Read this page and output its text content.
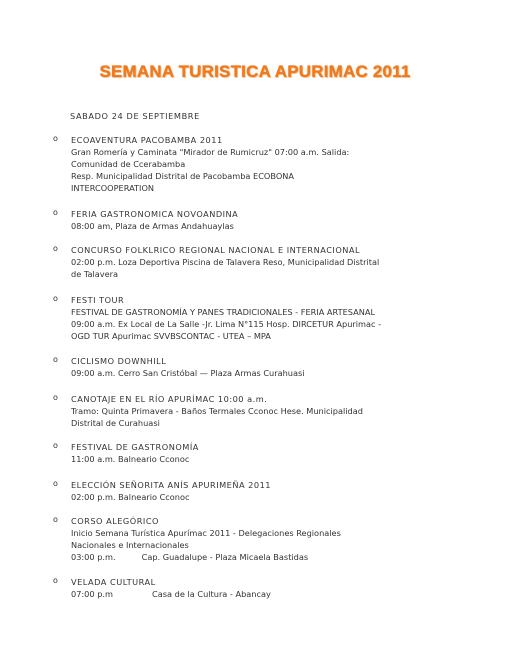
SEMANA TURISTICA APURIMAC 2011
SABADO 24 DE SEPTIEMBRE
o ECOAVENTURA PACOBAMBA 2011
Gran Romería y Caminata "Mirador de Rumicruz" 07:00 a.m. Salida:
Comunidad de Ccerabamba
Resp. Municipalidad Distrital de Pacobamba ECOBONA
INTERCOOPERATION
o FERIA GASTRONOMICA NOVOANDINA
08:00 am, Plaza de Armas Andahuaylas
o CONCURSO FOLKLRICO REGIONAL NACIONAL E INTERNACIONAL
02:00 p.m. Loza Deportiva Piscina de Talavera Reso, Municipalidad Distrital
de Talavera
o FESTI TOUR
FESTIVAL DE GASTRONOMÍA Y PANES TRADICIONALES - FERIA ARTESANAL
09:00 a.m. Ex Local de La Salle -Jr. Lima N°115 Hosp. DIRCETUR Apurimac -
OGD TUR Apurimac SVVBSCONTAC - UTEA – MPA
o CICLISMO DOWNHILL
09:00 a.m. Cerro San Cristóbal — Plaza Armas Curahuasi
o CANOTAJE EN EL RÍO APURÍMAC 10:00 a.m.
Tramo: Quinta Primavera - Baños Termales Cconoc Hese. Municipalidad
Distrital de Curahuasi
o FESTIVAL DE GASTRONOMÍA
11:00 a.m. Balneario Cconoc
o ELECCIÓN SEÑORITA ANÍS APURIMEÑA 2011
02:00 p.m. Balneario Cconoc
o CORSO ALEGÓRICO
Inicio Semana Turística Apurímac 2011 - Delegaciones Regionales
Nacionales e Internacionales
03:00 p.m.          Cap. Guadalupe - Plaza Micaela Bastidas
o VELADA CULTURAL
07:00 p.m               Casa de la Cultura - Abancay
